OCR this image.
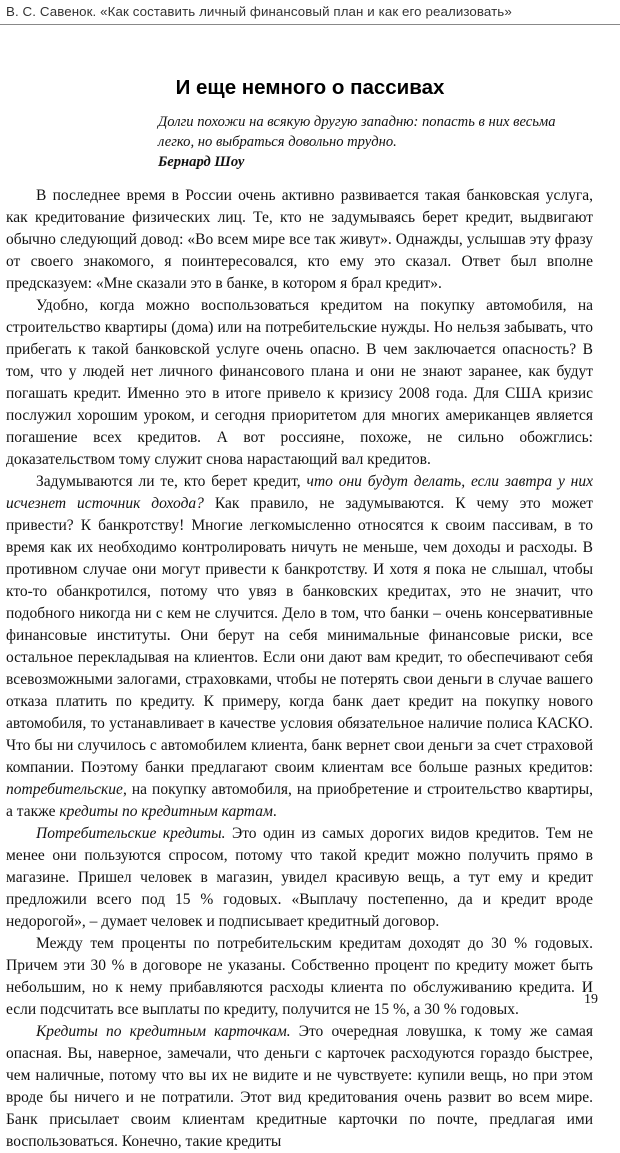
В. С. Савенок. «Как составить личный финансовый план и как его реализовать»
И еще немного о пассивах

Долги похожи на всякую другую западню: попасть в них весьма легко, но выбраться довольно трудно.

Бернард Шоу

В последнее время в России очень активно развивается такая банковская услуга, как кредитование физических лиц. Те, кто не задумываясь берет кредит, выдвигают обычно следующий довод: «Во всем мире все так живут». Однажды, услышав эту фразу от своего знакомого, я поинтересовался, кто ему это сказал. Ответ был вполне предсказуем: «Мне сказали это в банке, в котором я брал кредит».

Удобно, когда можно воспользоваться кредитом на покупку автомобиля, на строительство квартиры (дома) или на потребительские нужды. Но нельзя забывать, что прибегать к такой банковской услуге очень опасно. В чем заключается опасность? В том, что у людей нет личного финансового плана и они не знают заранее, как будут погашать кредит. Именно это в итоге привело к кризису 2008 года. Для США кризис послужил хорошим уроком, и сегодня приоритетом для многих американцев является погашение всех кредитов. А вот россияне, похоже, не сильно обожглись: доказательством тому служит снова нарастающий вал кредитов.

Задумываются ли те, кто берет кредит, что они будут делать, если завтра у них исчезнет источник дохода? Как правило, не задумываются. К чему это может привести? К банкротству! Многие легкомысленно относятся к своим пассивам, в то время как их необходимо контролировать ничуть не меньше, чем доходы и расходы. В противном случае они могут привести к банкротству. И хотя я пока не слышал, чтобы кто-то обанкротился, потому что увяз в банковских кредитах, это не значит, что подобного никогда ни с кем не случится. Дело в том, что банки – очень консервативные финансовые институты. Они берут на себя минимальные финансовые риски, все остальное перекладывая на клиентов. Если они дают вам кредит, то обеспечивают себя всевозможными залогами, страховками, чтобы не потерять свои деньги в случае вашего отказа платить по кредиту. К примеру, когда банк дает кредит на покупку нового автомобиля, то устанавливает в качестве условия обязательное наличие полиса КАСКО. Что бы ни случилось с автомобилем клиента, банк вернет свои деньги за счет страховой компании. Поэтому банки предлагают своим клиентам все больше разных кредитов: потребительские, на покупку автомобиля, на приобретение и строительство квартиры, а также кредиты по кредитным картам.

Потребительские кредиты. Это один из самых дорогих видов кредитов. Тем не менее они пользуются спросом, потому что такой кредит можно получить прямо в магазине. Пришел человек в магазин, увидел красивую вещь, а тут ему и кредит предложили всего под 15 % годовых. «Выплачу постепенно, да и кредит вроде недорогой», – думает человек и подписывает кредитный договор.

Между тем проценты по потребительским кредитам доходят до 30 % годовых. Причем эти 30 % в договоре не указаны. Собственно процент по кредиту может быть небольшим, но к нему прибавляются расходы клиента по обслуживанию кредита. И если подсчитать все выплаты по кредиту, получится не 15 %, а 30 % годовых.

Кредиты по кредитным карточкам. Это очередная ловушка, к тому же самая опасная. Вы, наверное, замечали, что деньги с карточек расходуются гораздо быстрее, чем наличные, потому что вы их не видите и не чувствуете: купили вещь, но при этом вроде бы ничего и не потратили. Этот вид кредитования очень развит во всем мире. Банк присылает своим клиентам кредитные карточки по почте, предлагая ими воспользоваться. Конечно, такие кредиты

19
